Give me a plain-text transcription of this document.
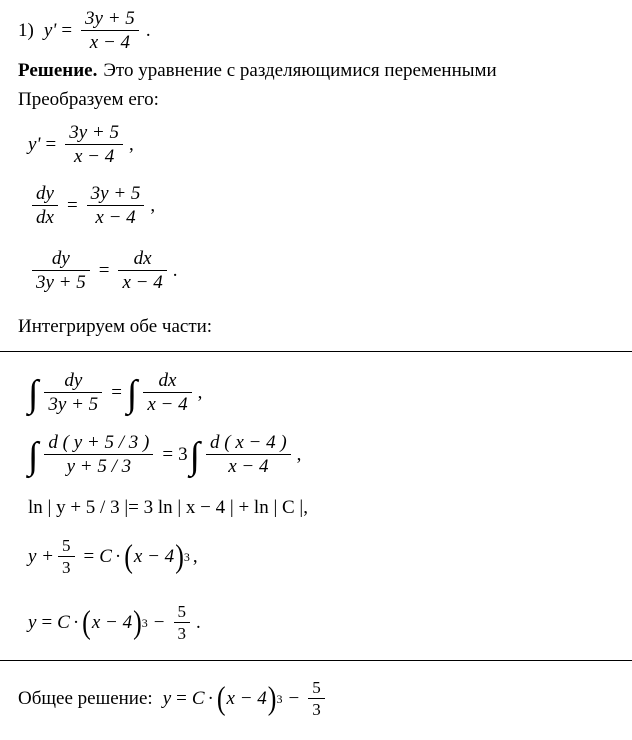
1) $y' = \frac{3y + 5}{x - 4}$ .
Решение. Это уравнение с разделяющимися переменными
Преобразуем его:
$y' = \frac{3y + 5}{x - 4}$ ,
$\frac{dy}{dx} = \frac{3y + 5}{x - 4}$ ,
$\frac{dy}{3y + 5} = \frac{dx}{x - 4}$ .
Интегрируем обе части:
∫ $\frac{dy}{3y + 5}$ = ∫ $\frac{dx}{x - 4}$ ,
∫ $\frac{d ( y + 5 / 3 )}{y + 5 / 3} = 3$ ∫ $\frac{d ( x - 4 )}{x - 4}$ ,
ln | y + 5 / 3 |= 3 ln | x − 4 | + ln | C |,
$y + \frac{5}{3} = C$ · ( x − 4 ) 3 ,
y = C · ( x − 4 ) $3 - \frac{5}{3}$ .
Общее решение: y = C · ( x − 4 ) $3 - \frac{5}{3}$
